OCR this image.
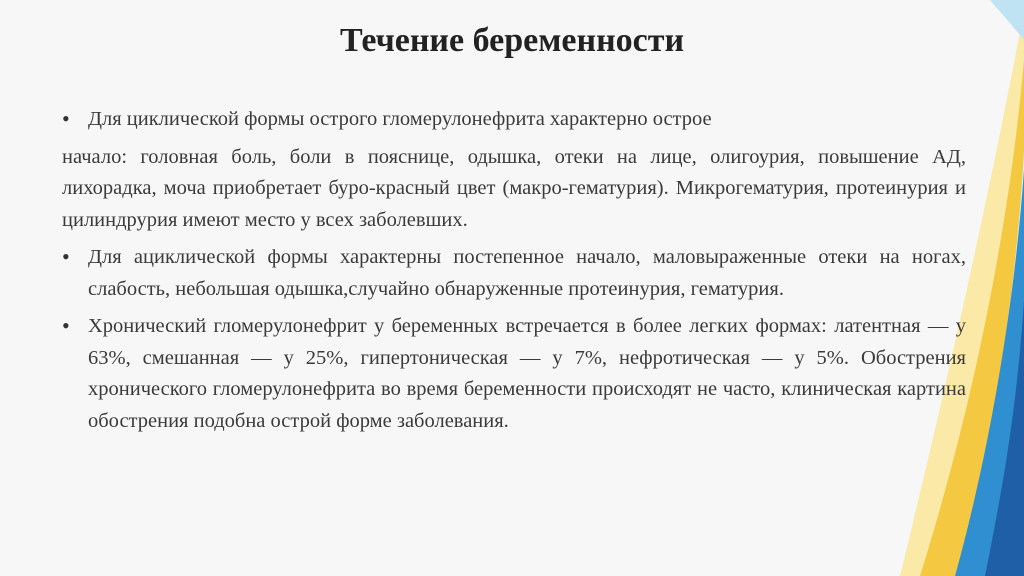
Течение беременности

• Для циклической формы острого гломерулонефрита характерно острое

начало: головная боль, боли в пояснице, одышка, отеки на лице, олигоурия, повышение АД, лихорадка, моча приобретает буро-красный цвет (макро-гематурия). Микрогематурия, протеинурия и цилиндрурия имеют место у всех заболевших.

• Для ациклической формы характерны постепенное начало, маловыраженные отеки на ногах, слабость, небольшая одышка,случайно обнаруженные протеинурия, гематурия.

• Хронический гломерулонефрит у беременных встречается в более легких формах: латентная — у 63%, смешанная — у 25%, гипертоническая — у 7%, нефротическая — у 5%. Обострения хронического гломерулонефрита во время беременности происходят не часто, клиническая картина обострения подобна острой форме заболевания.
